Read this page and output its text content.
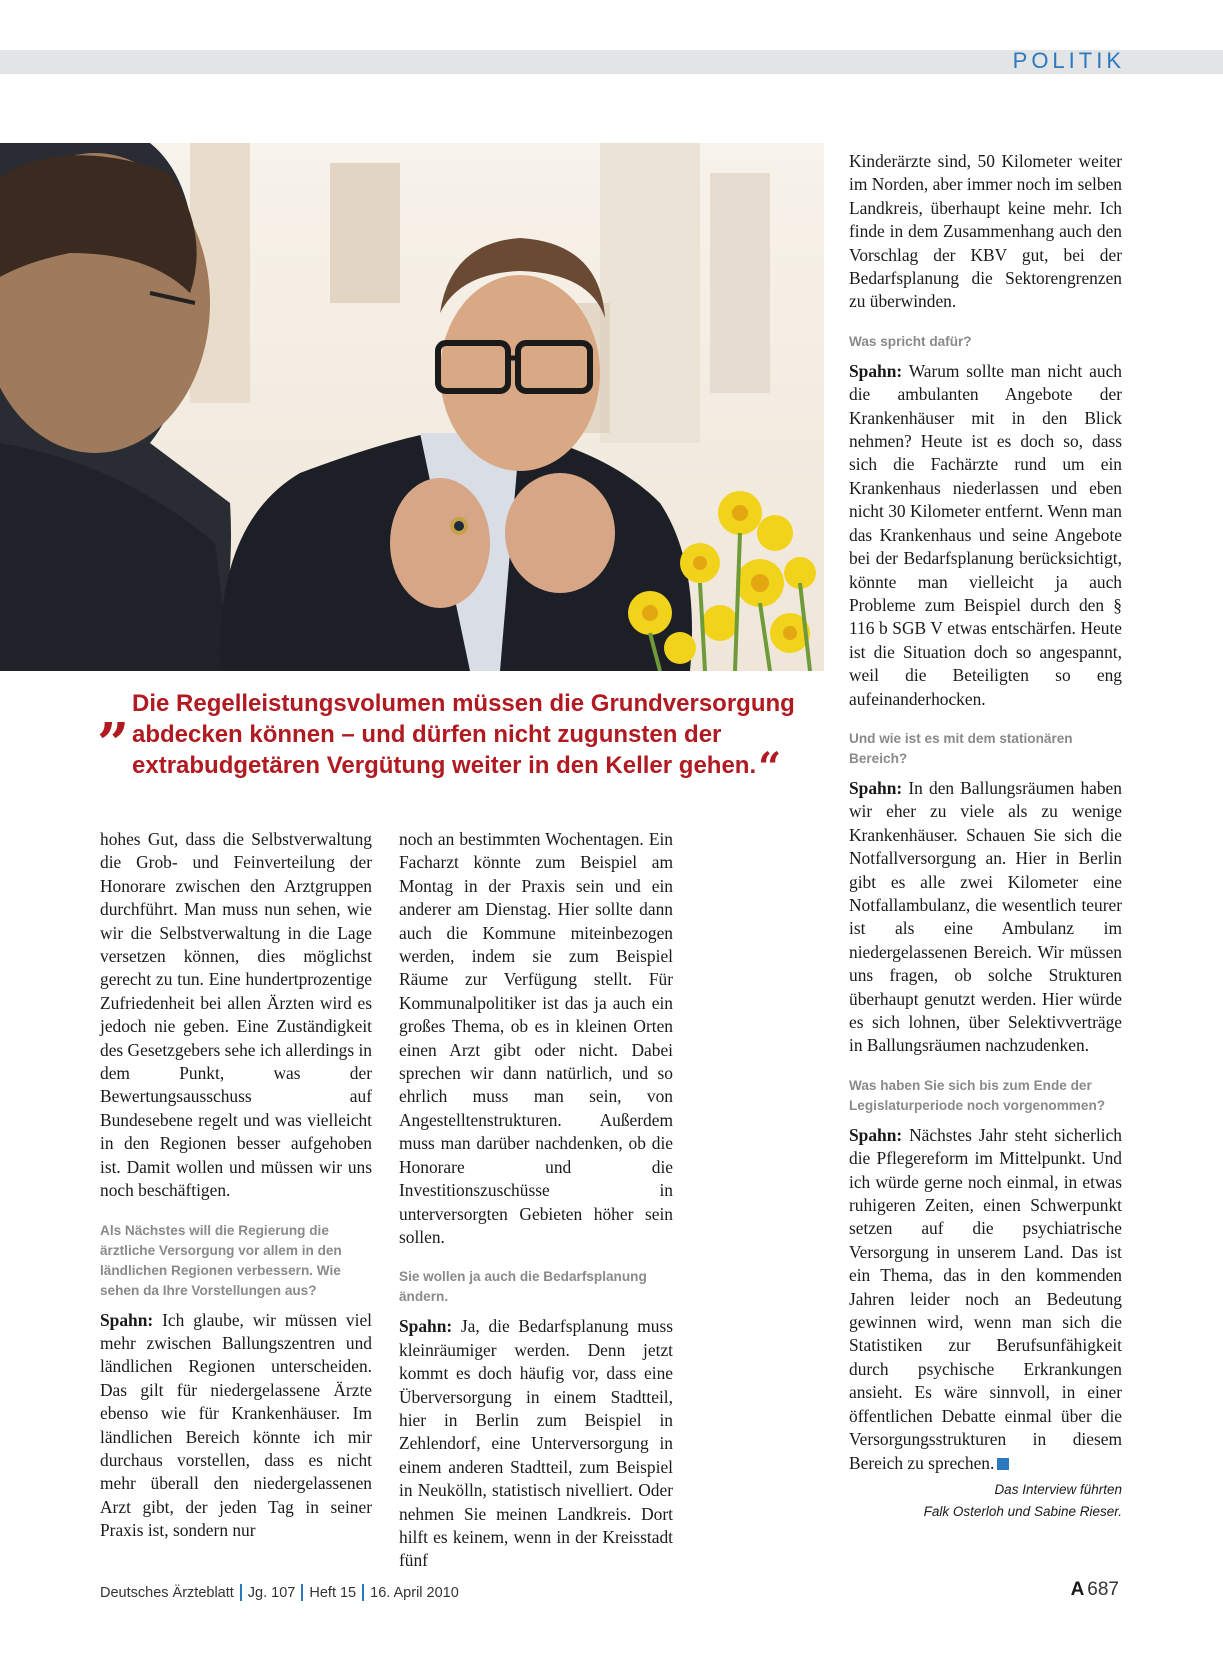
POLITIK
„ Die Regelleistungsvolumen müssen die Grundversorgung abdecken können – und dürfen nicht zugunsten der extrabudgetären Vergütung weiter in den Keller gehen.“

hohes Gut, dass die Selbstverwaltung die Grob- und Feinverteilung der Honorare zwischen den Arztgruppen durchführt. Man muss nun sehen, wie wir die Selbstverwaltung in die Lage versetzen können, dies möglichst gerecht zu tun. Eine hundertprozentige Zufriedenheit bei allen Ärzten wird es jedoch nie geben. Eine Zuständigkeit des Gesetzgebers sehe ich allerdings in dem Punkt, was der Bewertungsausschuss auf Bundesebene regelt und was vielleicht in den Regionen besser aufgehoben ist. Damit wollen und müssen wir uns noch beschäftigen.

Als Nächstes will die Regierung die ärztliche Versorgung vor allem in den ländlichen Regionen verbessern. Wie sehen da Ihre Vorstellungen aus?

Spahn: Ich glaube, wir müssen viel mehr zwischen Ballungszentren und ländlichen Regionen unterscheiden. Das gilt für niedergelassene Ärzte ebenso wie für Krankenhäuser. Im ländlichen Bereich könnte ich mir durchaus vorstellen, dass es nicht mehr überall den niedergelassenen Arzt gibt, der jeden Tag in seiner Praxis ist, sondern nur

noch an bestimmten Wochentagen. Ein Facharzt könnte zum Beispiel am Montag in der Praxis sein und ein anderer am Dienstag. Hier sollte dann auch die Kommune miteinbezogen werden, indem sie zum Beispiel Räume zur Verfügung stellt. Für Kommunalpolitiker ist das ja auch ein großes Thema, ob es in kleinen Orten einen Arzt gibt oder nicht. Dabei sprechen wir dann natürlich, und so ehrlich muss man sein, von Angestelltenstrukturen. Außerdem muss man darüber nachdenken, ob die Honorare und die Investitionszuschüsse in unterversorgten Gebieten höher sein sollen.

Sie wollen ja auch die Bedarfsplanung ändern.

Spahn: Ja, die Bedarfsplanung muss kleinräumiger werden. Denn jetzt kommt es doch häufig vor, dass eine Überversorgung in einem Stadtteil, hier in Berlin zum Beispiel in Zehlendorf, eine Unterversorgung in einem anderen Stadtteil, zum Beispiel in Neukölln, statistisch nivelliert. Oder nehmen Sie meinen Landkreis. Dort hilft es keinem, wenn in der Kreisstadt fünf

Kinderärzte sind, 50 Kilometer weiter im Norden, aber immer noch im selben Landkreis, überhaupt keine mehr. Ich finde in dem Zusammenhang auch den Vorschlag der KBV gut, bei der Bedarfsplanung die Sektorengrenzen zu überwinden.

Was spricht dafür?

Spahn: Warum sollte man nicht auch die ambulanten Angebote der Krankenhäuser mit in den Blick nehmen? Heute ist es doch so, dass sich die Fachärzte rund um ein Krankenhaus niederlassen und eben nicht 30 Kilometer entfernt. Wenn man das Krankenhaus und seine Angebote bei der Bedarfsplanung berücksichtigt, könnte man vielleicht ja auch Probleme zum Beispiel durch den § 116 b SGB V etwas entschärfen. Heute ist die Situation doch so angespannt, weil die Beteiligten so eng aufeinanderhocken.

Und wie ist es mit dem stationären Bereich?

Spahn: In den Ballungsräumen haben wir eher zu viele als zu wenige Krankenhäuser. Schauen Sie sich die Notfallversorgung an. Hier in Berlin gibt es alle zwei Kilometer eine Notfallambulanz, die wesentlich teurer ist als eine Ambulanz im niedergelassenen Bereich. Wir müssen uns fragen, ob solche Strukturen überhaupt genutzt werden. Hier würde es sich lohnen, über Selektivverträge in Ballungsräumen nachzudenken.

Was haben Sie sich bis zum Ende der Legislaturperiode noch vorgenommen?

Spahn: Nächstes Jahr steht sicherlich die Pflegereform im Mittelpunkt. Und ich würde gerne noch einmal, in etwas ruhigeren Zeiten, einen Schwerpunkt setzen auf die psychiatrische Versorgung in unserem Land. Das ist ein Thema, das in den kommenden Jahren leider noch an Bedeutung gewinnen wird, wenn man sich die Statistiken zur Berufsunfähigkeit durch psychische Erkrankungen ansieht. Es wäre sinnvoll, in einer öffentlichen Debatte einmal über die Versorgungsstrukturen in diesem Bereich zu sprechen.

Das Interview führten
Falk Osterloh und Sabine Rieser.
Deutsches Ärzteblatt Jg. 107 Heft 15 16. April 2010	A 687
